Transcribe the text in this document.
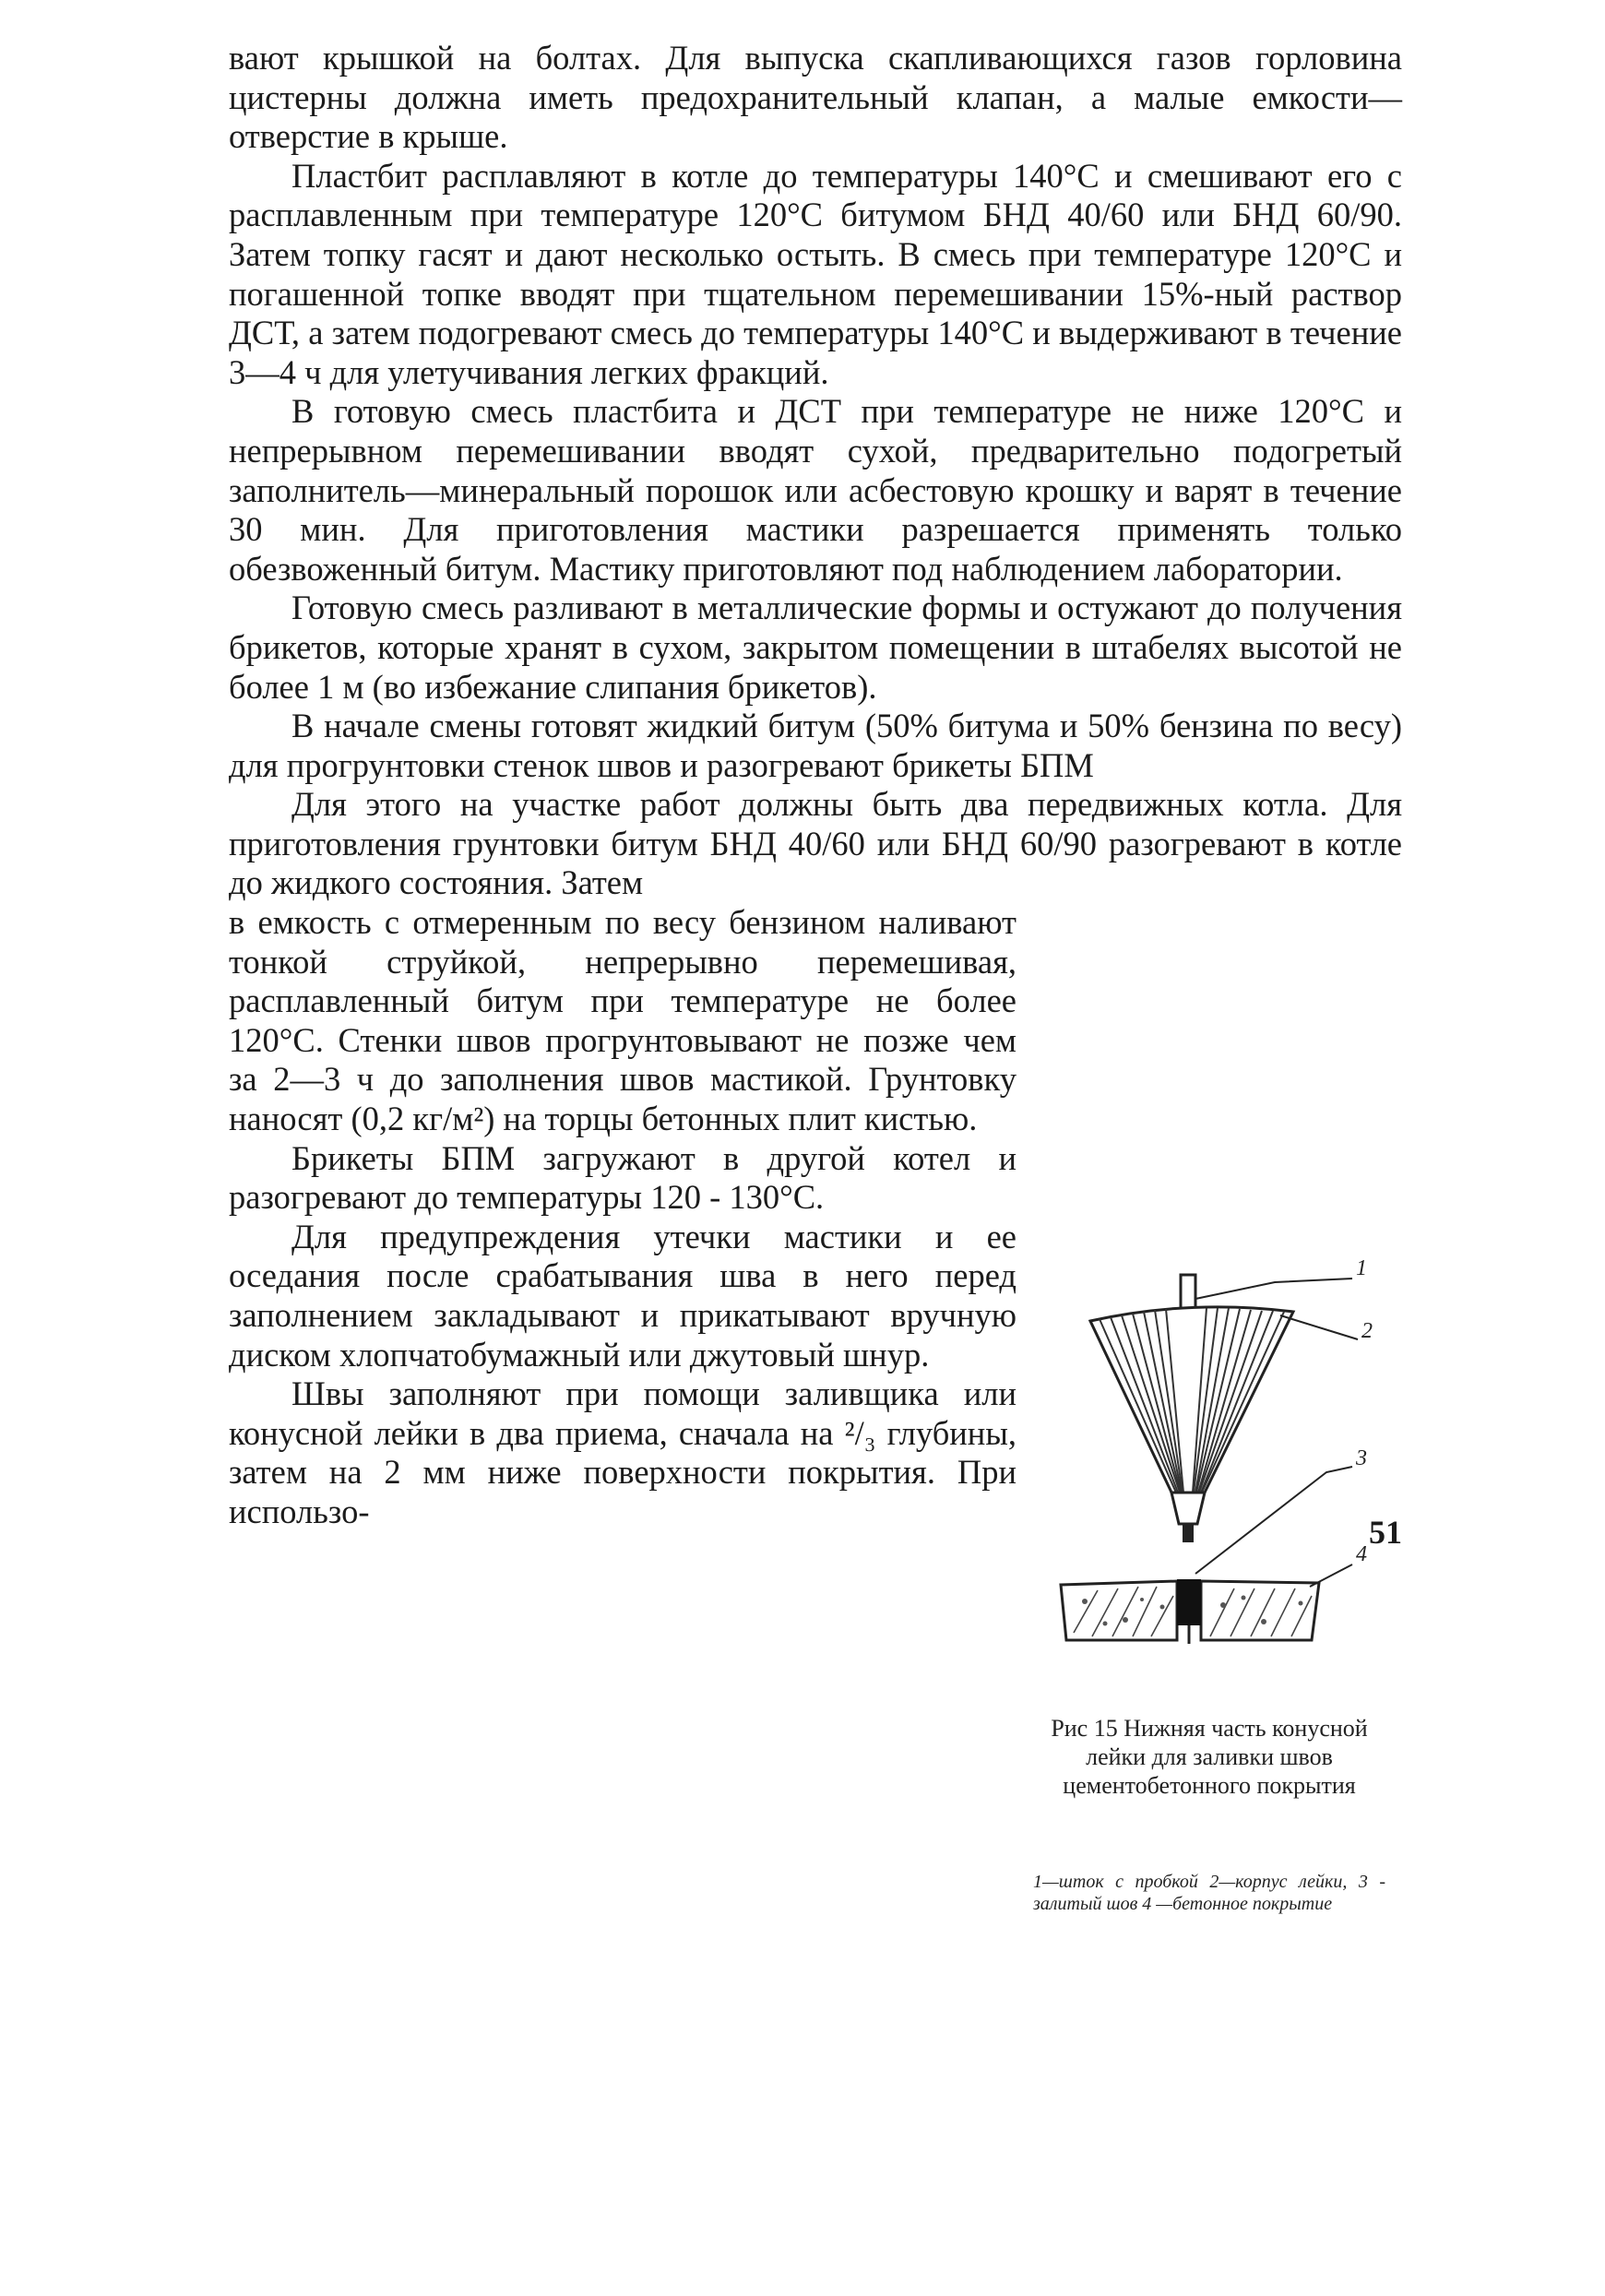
вают крышкой на болтах. Для выпуска скапливающихся газов горловина цистерны должна иметь предохранительный клапан, а малые емкости— отверстие в крыше.

Пластбит расплавляют в котле до температуры 140°С и смешивают его с расплавленным при температуре 120°С битумом БНД 40/60 или БНД 60/90. Затем топку гасят и дают несколько остыть. В смесь при температуре 120°С и погашенной топке вводят при тщательном перемешивании 15%-ный раствор ДСТ, а затем подогревают смесь до температуры 140°С и выдерживают в течение 3—4 ч для улетучивания легких фракций.

В готовую смесь пластбита и ДСТ при температуре не ниже 120°С и непрерывном перемешивании вводят сухой, предварительно подогретый заполнитель—минеральный порошок или асбестовую крошку и варят в течение 30 мин. Для приготовления мастики разрешается применять только обезвоженный битум. Мастику приготовляют под наблюдением лаборатории.

Готовую смесь разливают в металлические формы и остужают до получения брикетов, которые хранят в сухом, закрытом помещении в штабелях высотой не более 1 м (во избежание слипания брикетов).

В начале смены готовят жидкий битум (50% битума и 50% бензина по весу) для прогрунтовки стенок швов и разогревают брикеты БПМ

Для этого на участке работ должны быть два передвижных котла. Для приготовления грунтовки битум БНД 40/60 или БНД 60/90 разогревают в котле до жидкого состояния. Затем

в емкость с отмеренным по весу бензином наливают тонкой струйкой, непрерывно перемешивая, расплавленный битум при температуре не более 120°С. Стенки швов прогрунтовывают не позже чем за 2—3 ч до заполнения швов мастикой. Грунтовку наносят (0,2 кг/м²) на торцы бетонных плит кистью.

Брикеты БПМ загружают в другой котел и разогревают до температуры 120 - 130°С.

Для предупреждения утечки мастики и ее оседания после срабатывания шва в него перед заполнением закладывают и прикатывают вручную диском хлопчатобумажный или джутовый шнур.

Швы заполняют при помощи заливщика или конусной лейки в два приема, сначала на ²/₃ глубины, затем на 2 мм ниже поверхности покрытия. При использо-

1
2
3
4
Рис 15 Нижняя часть конусной лейки для заливки швов цементобетонного покрытия
1—шток с пробкой 2—корпус лейки, 3 - залитый шов 4 —бетонное покрытие
51
